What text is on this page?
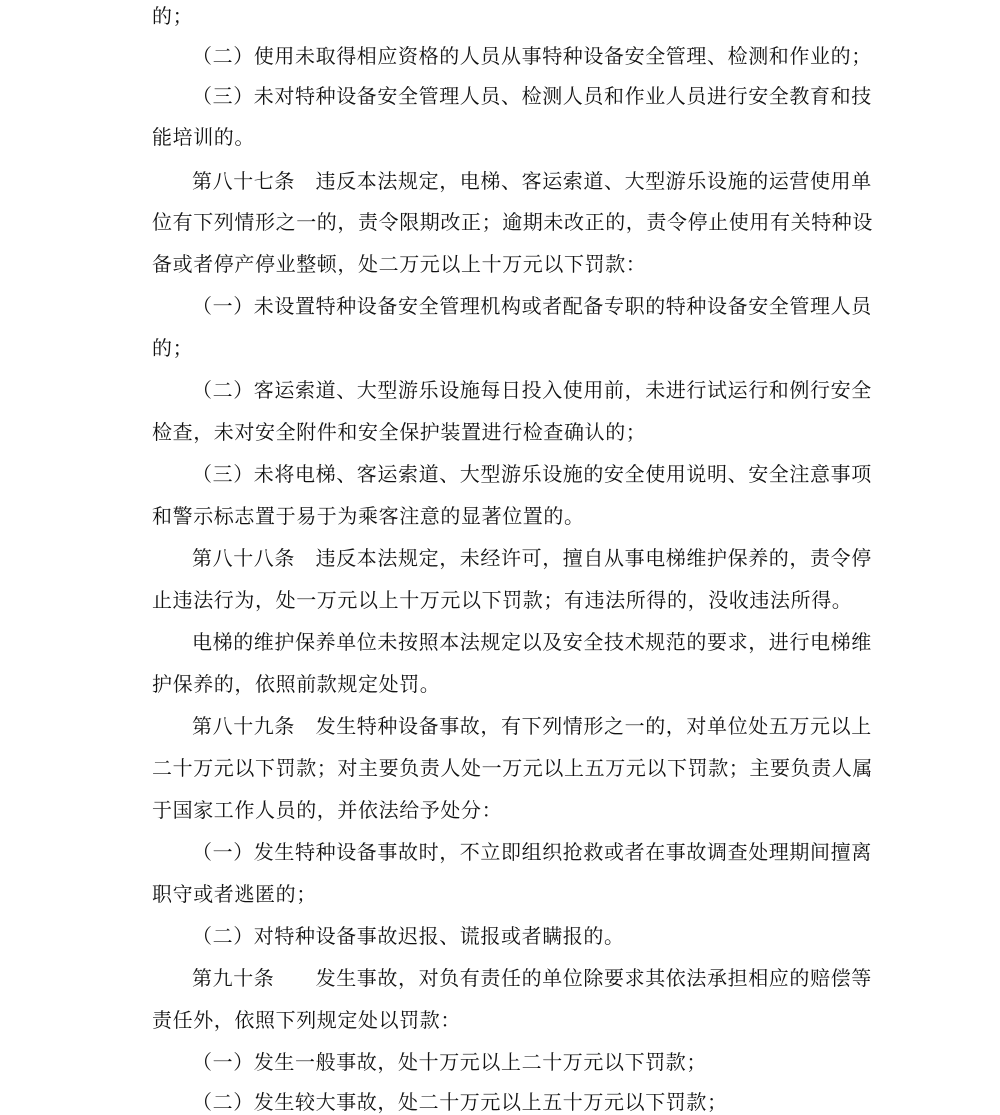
的；
（二）使用未取得相应资格的人员从事特种设备安全管理、检测和作业的；
（三）未对特种设备安全管理人员、检测人员和作业人员进行安全教育和技
能培训的。
第八十七条　违反本法规定，电梯、客运索道、大型游乐设施的运营使用单
位有下列情形之一的，责令限期改正；逾期未改正的，责令停止使用有关特种设
备或者停产停业整顿，处二万元以上十万元以下罚款：
（一）未设置特种设备安全管理机构或者配备专职的特种设备安全管理人员
的；
（二）客运索道、大型游乐设施每日投入使用前，未进行试运行和例行安全
检查，未对安全附件和安全保护装置进行检查确认的；
（三）未将电梯、客运索道、大型游乐设施的安全使用说明、安全注意事项
和警示标志置于易于为乘客注意的显著位置的。
第八十八条　违反本法规定，未经许可，擅自从事电梯维护保养的，责令停
止违法行为，处一万元以上十万元以下罚款；有违法所得的，没收违法所得。
电梯的维护保养单位未按照本法规定以及安全技术规范的要求，进行电梯维
护保养的，依照前款规定处罚。
第八十九条　发生特种设备事故，有下列情形之一的，对单位处五万元以上
二十万元以下罚款；对主要负责人处一万元以上五万元以下罚款；主要负责人属
于国家工作人员的，并依法给予处分：
（一）发生特种设备事故时，不立即组织抢救或者在事故调查处理期间擅离
职守或者逃匿的；
（二）对特种设备事故迟报、谎报或者瞒报的。
第九十条　　发生事故，对负有责任的单位除要求其依法承担相应的赔偿等
责任外，依照下列规定处以罚款：
（一）发生一般事故，处十万元以上二十万元以下罚款；
（二）发生较大事故，处二十万元以上五十万元以下罚款；
